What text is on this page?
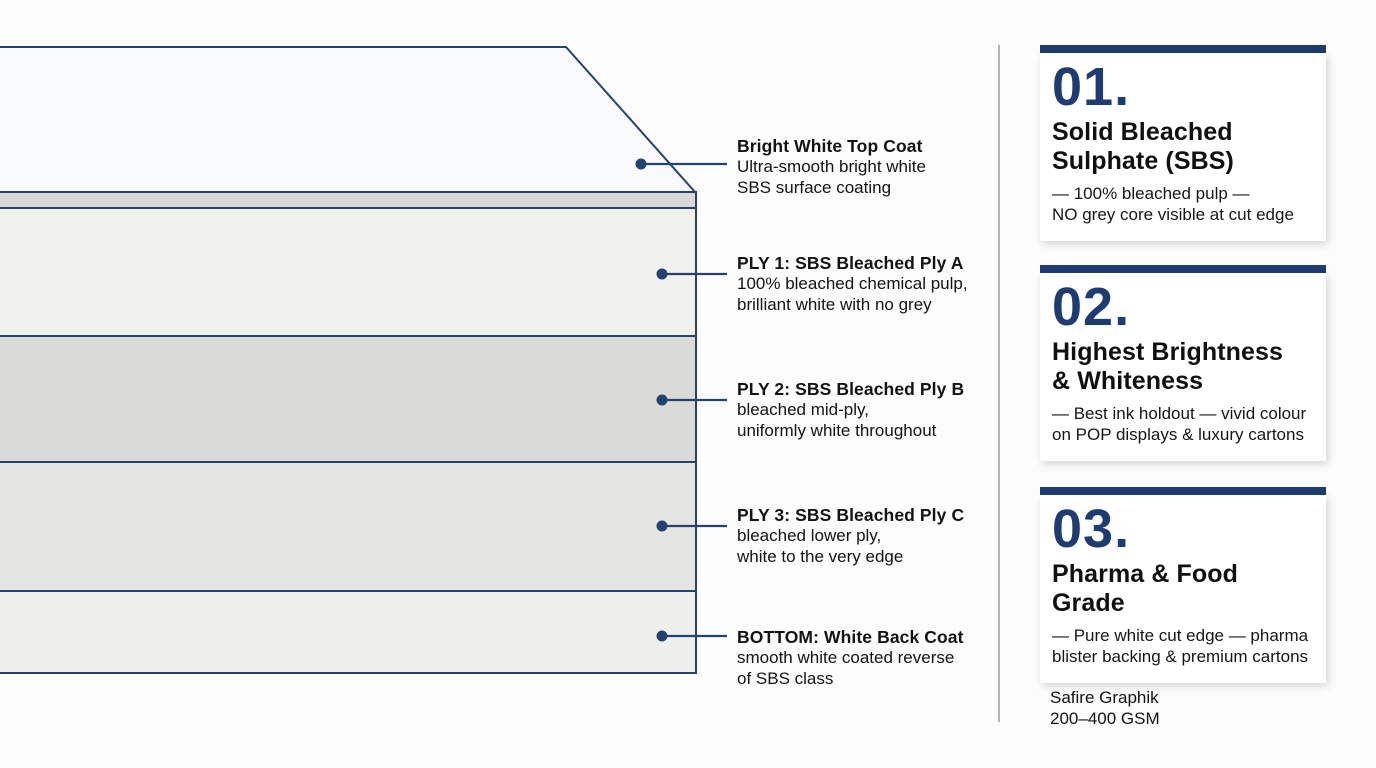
Bright White Top Coat
Ultra-smooth bright white
SBS surface coating
PLY 1: SBS Bleached Ply A
100% bleached chemical pulp,
brilliant white with no grey
PLY 2: SBS Bleached Ply B
bleached mid-ply,
uniformly white throughout
PLY 3: SBS Bleached Ply C
bleached lower ply,
white to the very edge
BOTTOM: White Back Coat
smooth white coated reverse
of SBS class
01.
Solid Bleached
Sulphate (SBS)
— 100% bleached pulp —
NO grey core visible at cut edge
02.
Highest Brightness
& Whiteness
— Best ink holdout — vivid colour
on POP displays & luxury cartons
03.
Pharma & Food Grade
— Pure white cut edge — pharma
blister backing & premium cartons
Safire Graphik
200–400 GSM
